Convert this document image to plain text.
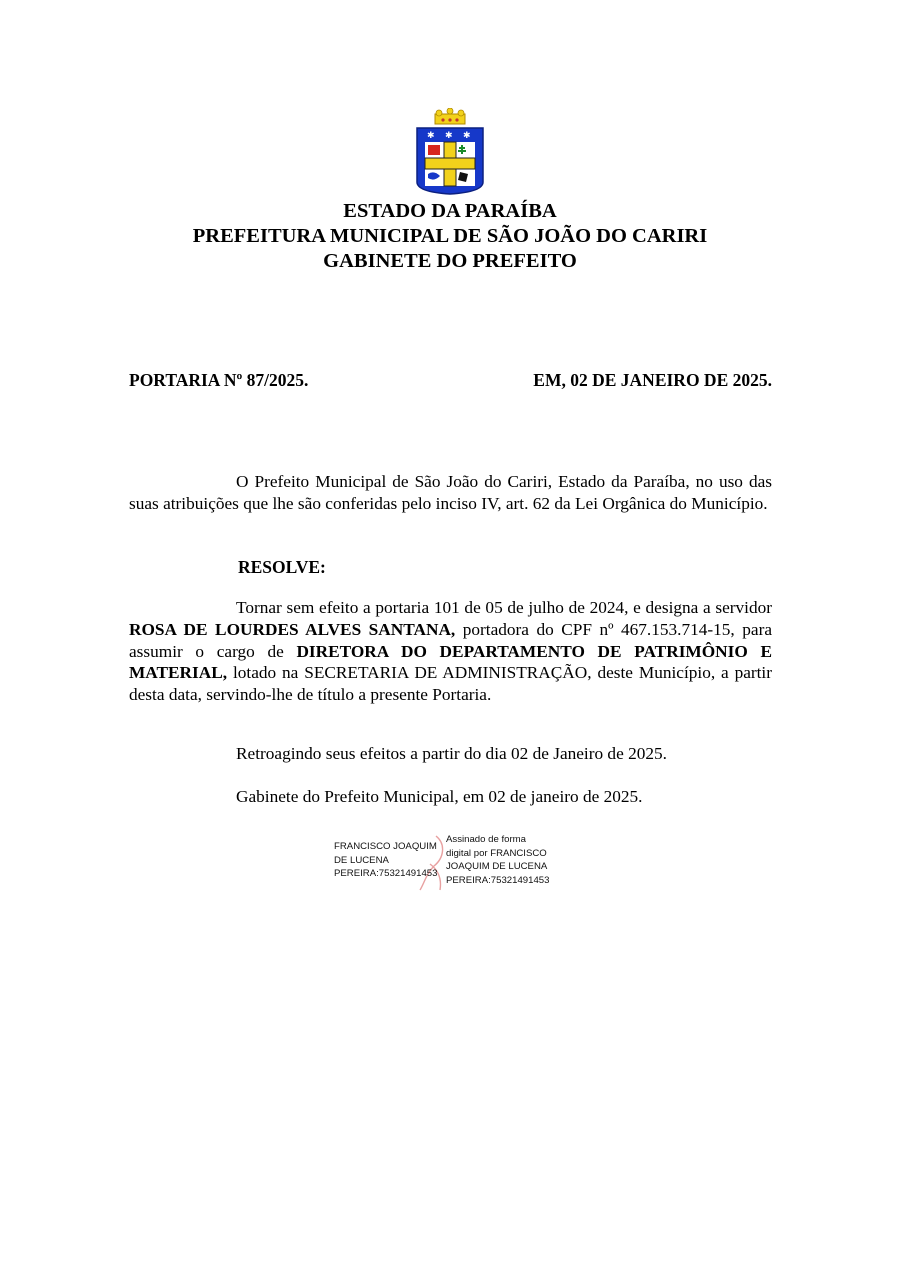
✱ ✱ ✱
ESTADO DA PARAÍBA
PREFEITURA MUNICIPAL DE SÃO JOÃO DO CARIRI
GABINETE DO PREFEITO
PORTARIA Nº 87/2025.	EM, 02 DE JANEIRO DE 2025.

O Prefeito Municipal de São João do Cariri, Estado da Paraíba, no uso das suas atribuições que lhe são conferidas pelo inciso IV, art. 62 da Lei Orgânica do Município.

RESOLVE:

Tornar sem efeito a portaria 101 de 05 de julho de 2024, e designa a servidor ROSA DE LOURDES ALVES SANTANA, portadora do CPF nº 467.153.714-15, para assumir o cargo de DIRETORA DO DEPARTAMENTO DE PATRIMÔNIO E MATERIAL, lotado na SECRETARIA DE ADMINISTRAÇÃO, deste Município, a partir desta data, servindo-lhe de título a presente Portaria.

Retroagindo seus efeitos a partir do dia 02 de Janeiro de 2025.
Gabinete do Prefeito Municipal, em 02 de janeiro de 2025.
FRANCISCO JOAQUIM
DE LUCENA
PEREIRA:75321491453
Assinado de forma
digital por FRANCISCO
JOAQUIM DE LUCENA
PEREIRA:75321491453
